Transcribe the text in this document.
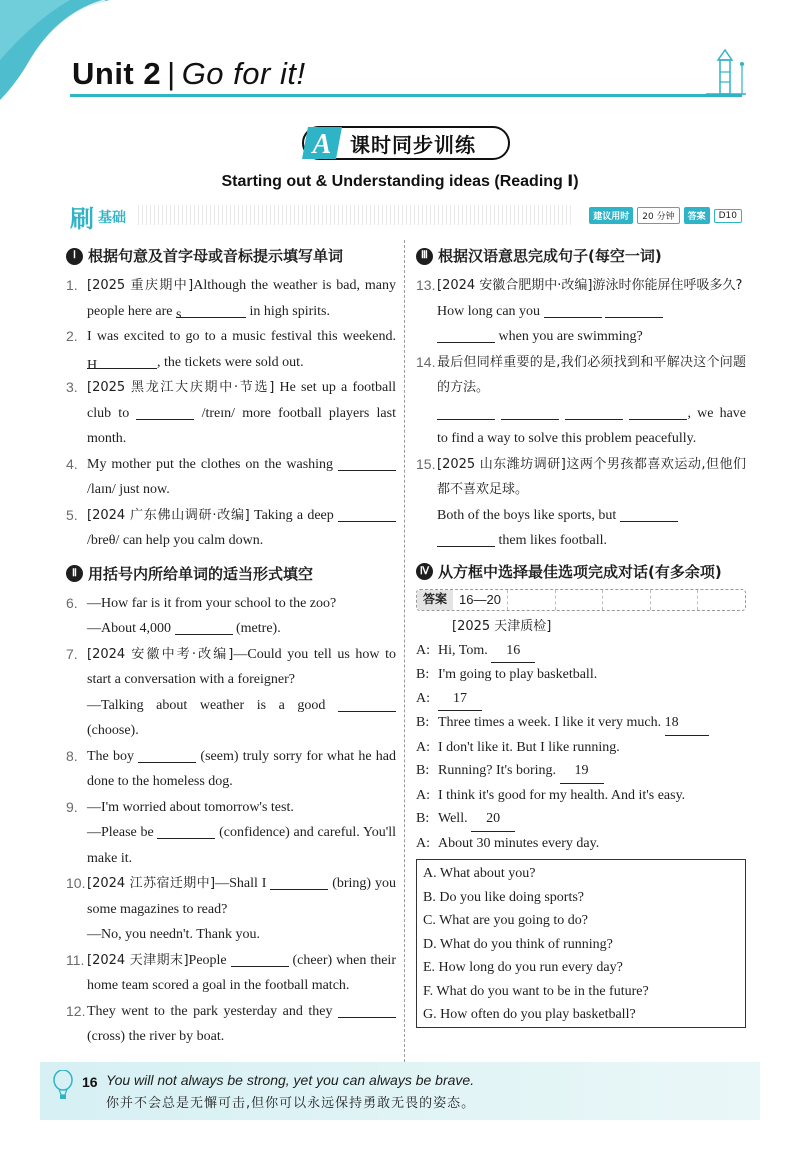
Unit 2 | Go for it!
A 课时同步训练
Starting out & Understanding ideas (Reading Ⅰ)
刷 基础	建议用时	20 分钟	答案	D10
Ⅰ 根据句意及首字母或音标提示填写单词
1. [2025 重庆期中]Although the weather is bad, many people here are s	in high spirits.
2. I was excited to go to a music festival this weekend. H	, the tickets were sold out.
3. [2025 黑龙江大庆期中·节选] He set up a football club to	/treɪn/ more football players last month.
4. My mother put the clothes on the washing  /laɪn/ just now.
5. [2024 广东佛山调研·改编] Taking a deep  /breθ/ can help you calm down.
Ⅱ 用括号内所给单词的适当形式填空
6. —How far is it from your school to the zoo?
—About 4,000	(metre).
7. [2024 安徽中考·改编]—Could you tell us how to start a conversation with a foreigner?
—Talking about weather is a good  (choose).
8. The boy	(seem) truly sorry for what he had done to the homeless dog.
9. —I'm worried about tomorrow's test.
—Please be	(confidence) and careful. You'll make it.
10. [2024 江苏宿迁期中]—Shall I	(bring) you some magazines to read?
—No, you needn't. Thank you.
11. [2024 天津期末]People	(cheer) when their home team scored a goal in the football match.
12. They went to the park yesterday and they  (cross) the river by boat.
Ⅲ 根据汉语意思完成句子(每空一词)
13. [2024 安徽合肥期中·改编]游泳时你能屏住呼吸多久?
How long can you
when you are swimming?
14. 最后但同样重要的是,我们必须找到和平解决这个问题的方法。
, we have to find a way to solve this problem peacefully.
15. [2025 山东潍坊调研]这两个男孩都喜欢运动,但他们都不喜欢足球。
Both of the boys like sports, but
them likes football.
Ⅳ 从方框中选择最佳选项完成对话(有多余项)
答案 16—20
[2025 天津质检]
A: Hi, Tom. 16
B: I'm going to play basketball.
A:	17
B: Three times a week. I like it very much. 18
A: I don't like it. But I like running.
B: Running? It's boring. 19
A: I think it's good for my health. And it's easy.
B: Well. 20
A: About 30 minutes every day.
A. What about you?
B. Do you like doing sports?
C. What are you going to do?
D. What do you think of running?
E. How long do you run every day?
F. What do you want to be in the future?
G. How often do you play basketball?
16 You will not always be strong, yet you can always be brave.
你并不会总是无懈可击,但你可以永远保持勇敢无畏的姿态。
